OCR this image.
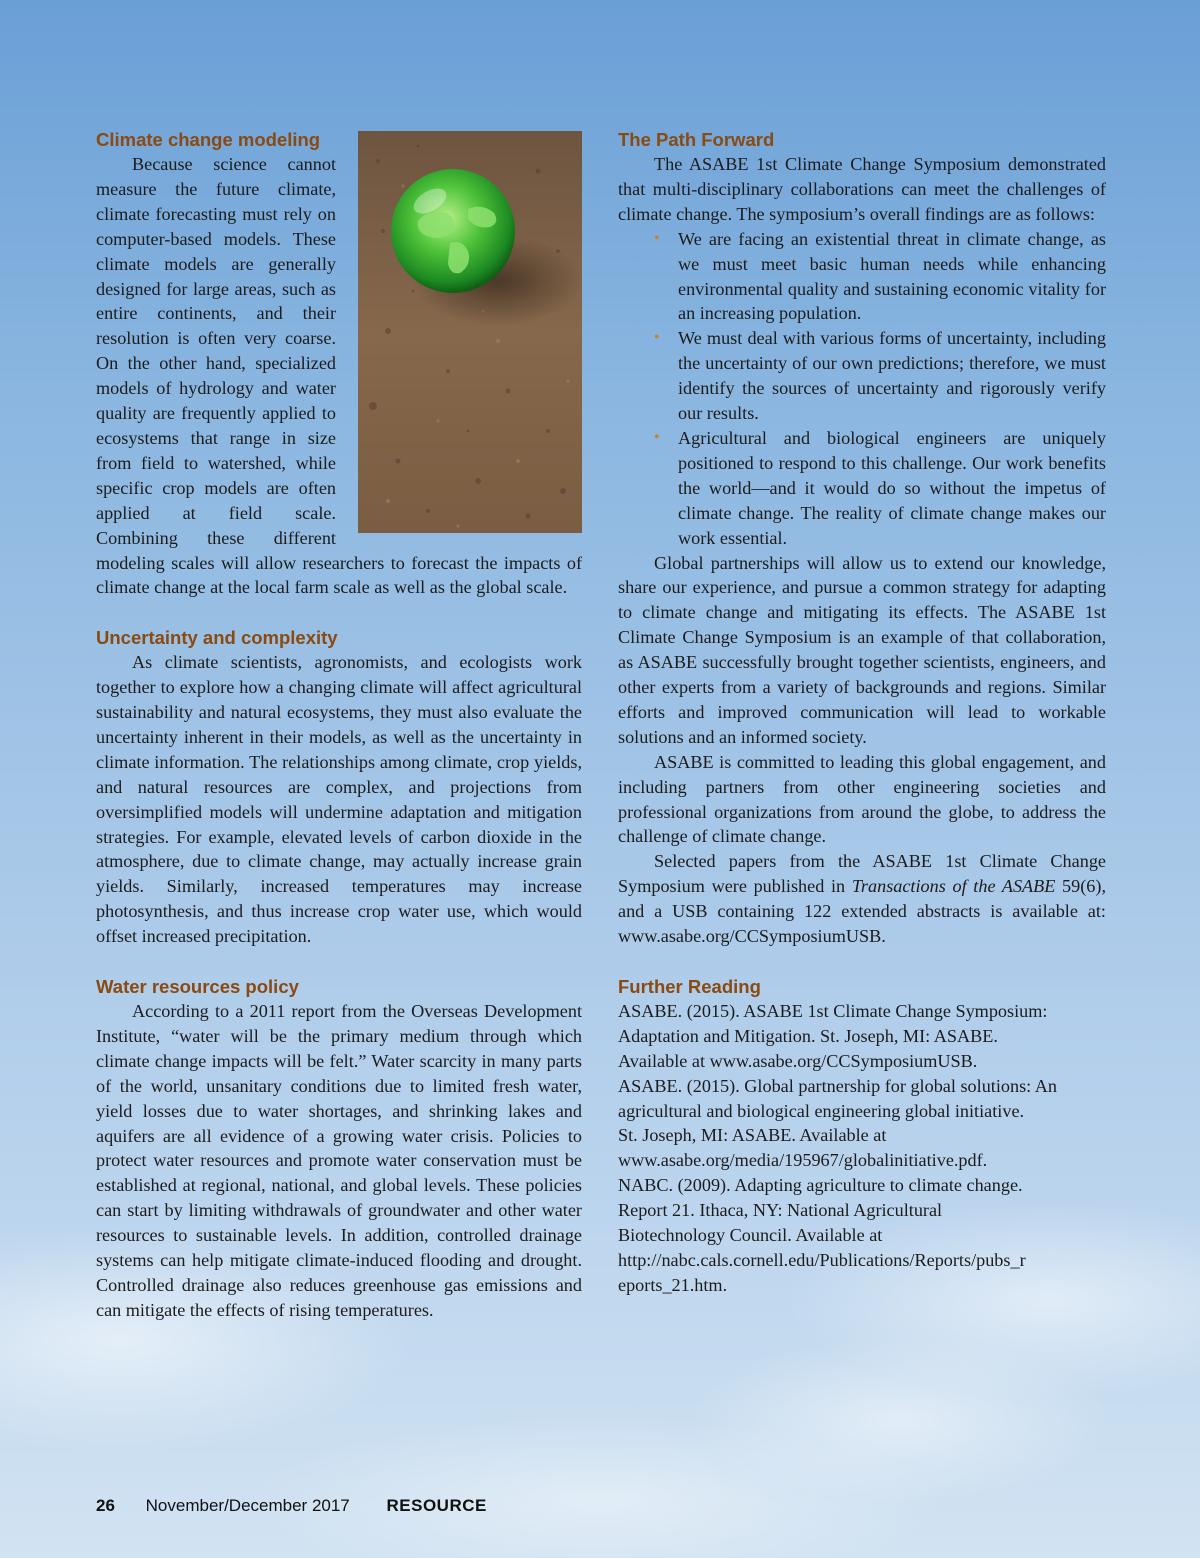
Climate change modeling

Because science cannot measure the future climate, climate forecasting must rely on computer-based models. These climate models are generally designed for large areas, such as entire continents, and their resolution is often very coarse. On the other hand, specialized models of hydrology and water quality are frequently applied to ecosystems that range in size from field to watershed, while specific crop models are often applied at field scale. Combining these different modeling scales will allow researchers to forecast the impacts of climate change at the local farm scale as well as the global scale.

Uncertainty and complexity

As climate scientists, agronomists, and ecologists work together to explore how a changing climate will affect agricultural sustainability and natural ecosystems, they must also evaluate the uncertainty inherent in their models, as well as the uncertainty in climate information. The relationships among climate, crop yields, and natural resources are complex, and projections from oversimplified models will undermine adaptation and mitigation strategies. For example, elevated levels of carbon dioxide in the atmosphere, due to climate change, may actually increase grain yields. Similarly, increased temperatures may increase photosynthesis, and thus increase crop water use, which would offset increased precipitation.

Water resources policy

According to a 2011 report from the Overseas Development Institute, “water will be the primary medium through which climate change impacts will be felt.” Water scarcity in many parts of the world, unsanitary conditions due to limited fresh water, yield losses due to water shortages, and shrinking lakes and aquifers are all evidence of a growing water crisis. Policies to protect water resources and promote water conservation must be established at regional, national, and global levels. These policies can start by limiting withdrawals of groundwater and other water resources to sustainable levels. In addition, controlled drainage systems can help mitigate climate-induced flooding and drought. Controlled drainage also reduces greenhouse gas emissions and can mitigate the effects of rising temperatures.

The Path Forward

The ASABE 1st Climate Change Symposium demonstrated that multi-disciplinary collaborations can meet the challenges of climate change. The symposium’s overall findings are as follows:

• We are facing an existential threat in climate change, as we must meet basic human needs while enhancing environmental quality and sustaining economic vitality for an increasing population.
• We must deal with various forms of uncertainty, including the uncertainty of our own predictions; therefore, we must identify the sources of uncertainty and rigorously verify our results.
• Agricultural and biological engineers are uniquely positioned to respond to this challenge. Our work benefits the world—and it would do so without the impetus of climate change. The reality of climate change makes our work essential.

Global partnerships will allow us to extend our knowledge, share our experience, and pursue a common strategy for adapting to climate change and mitigating its effects. The ASABE 1st Climate Change Symposium is an example of that collaboration, as ASABE successfully brought together scientists, engineers, and other experts from a variety of backgrounds and regions. Similar efforts and improved communication will lead to workable solutions and an informed society.

ASABE is committed to leading this global engagement, and including partners from other engineering societies and professional organizations from around the globe, to address the challenge of climate change.

Selected papers from the ASABE 1st Climate Change Symposium were published in Transactions of the ASABE 59(6), and a USB containing 122 extended abstracts is available at: www.asabe.org/CCSymposiumUSB.

Further Reading
ASABE. (2015). ASABE 1st Climate Change Symposium:
Adaptation and Mitigation. St. Joseph, MI: ASABE.
Available at www.asabe.org/CCSymposiumUSB.
ASABE. (2015). Global partnership for global solutions: An
agricultural and biological engineering global initiative.
St. Joseph, MI: ASABE. Available at
www.asabe.org/media/195967/globalinitiative.pdf.
NABC. (2009). Adapting agriculture to climate change.
Report 21. Ithaca, NY: National Agricultural
Biotechnology Council. Available at
http://nabc.cals.cornell.edu/Publications/Reports/pubs_r
eports_21.htm.
26 November/December 2017 RESOURCE
